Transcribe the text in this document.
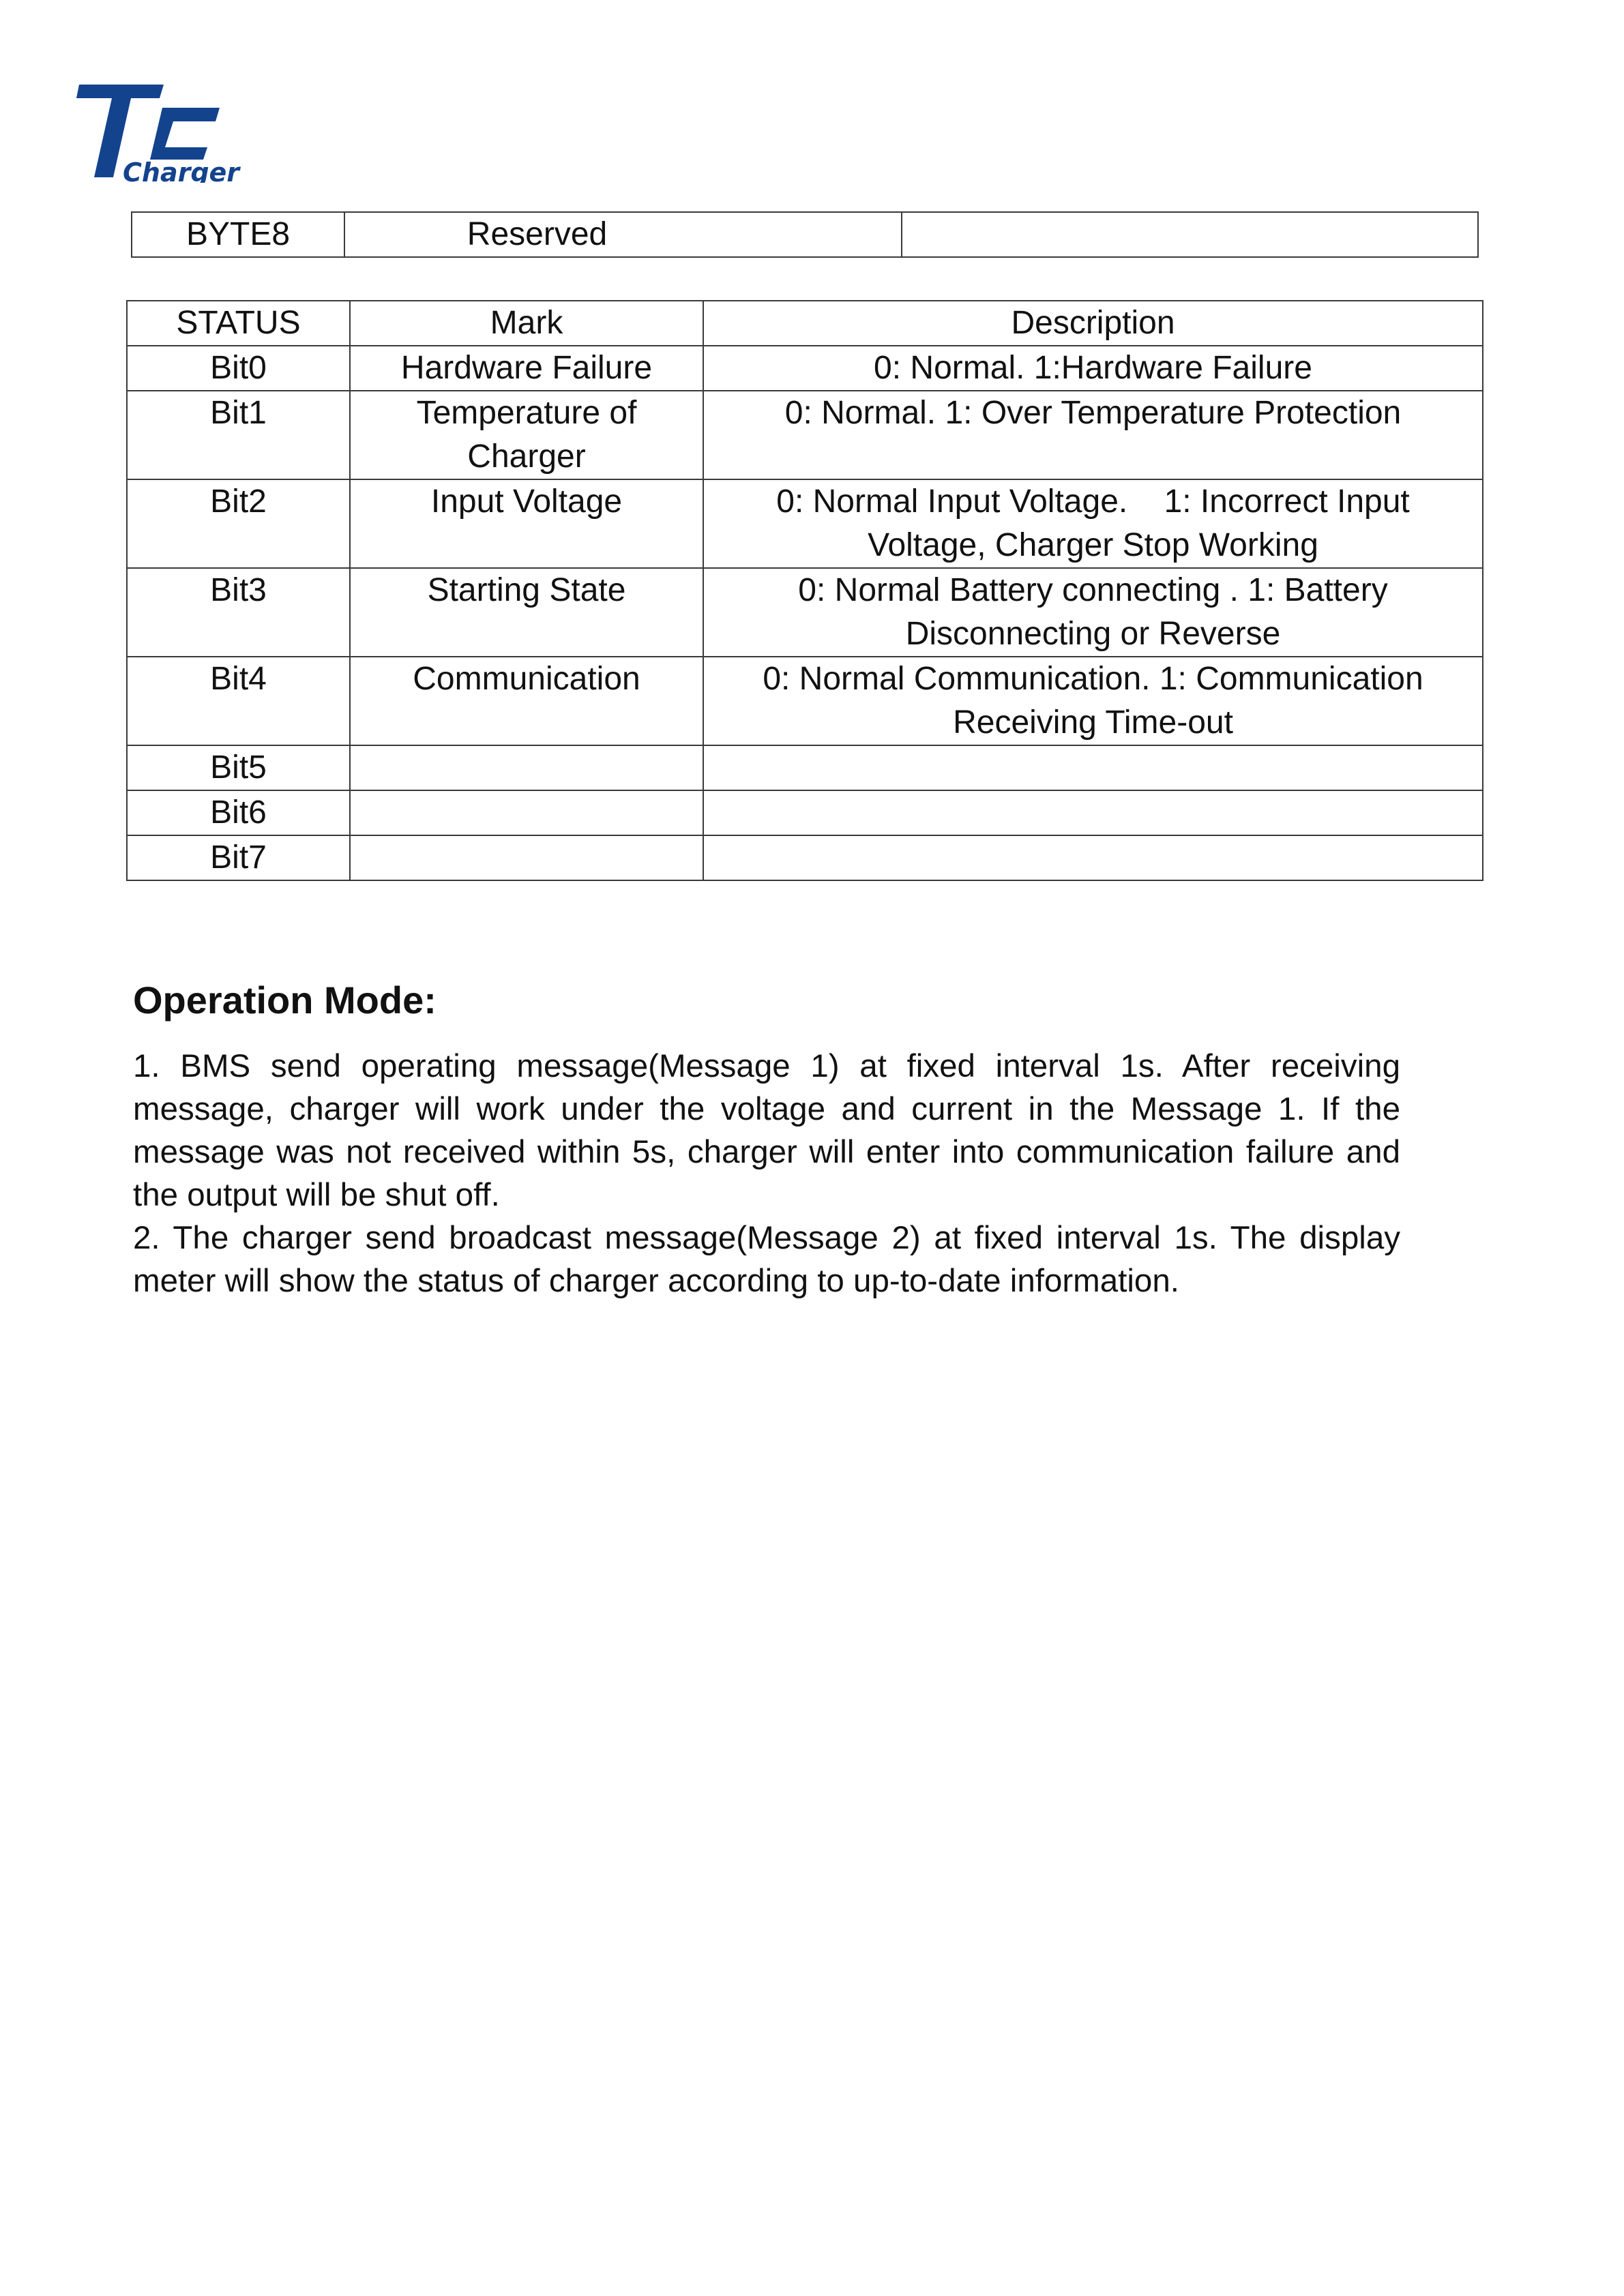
Charger
BYTE8	Reserved	
STATUS	Mark	Description
Bit0	Hardware Failure	0: Normal. 1:Hardware Failure
Bit1	Temperature of Charger	0: Normal. 1: Over Temperature Protection
Bit2	Input Voltage	0: Normal Input Voltage.    1: Incorrect Input Voltage, Charger Stop Working
Bit3	Starting State	0: Normal Battery connecting . 1: Battery Disconnecting or Reverse
Bit4	Communication	0: Normal Communication. 1: Communication Receiving Time-out
Bit5		
Bit6		
Bit7		
Operation Mode:

1. BMS send operating message(Message 1) at fixed interval 1s. After receiving message, charger will work under the voltage and current in the Message 1. If the message was not received within 5s, charger will enter into communication failure and the output will be shut off.

2. The charger send broadcast message(Message 2) at fixed interval 1s. The display meter will show the status of charger according to up-to-date information.
